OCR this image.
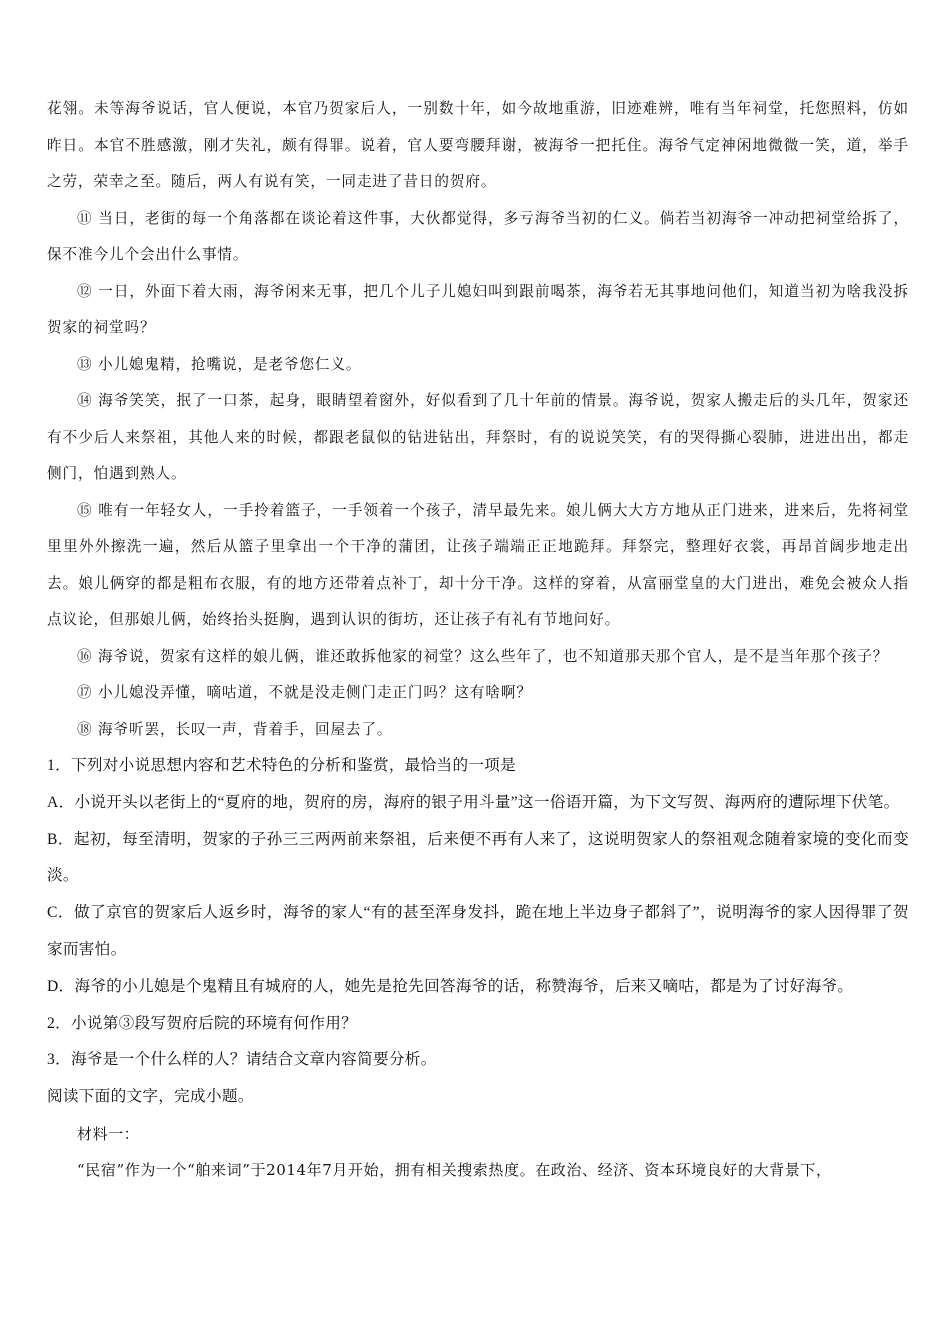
花翎。未等海爷说话，官人便说，本官乃贺家后人，一别数十年，如今故地重游，旧迹难辨，唯有当年祠堂，托您照料，仿如昨日。本官不胜感激，刚才失礼，颇有得罪。说着，官人要弯腰拜谢，被海爷一把托住。海爷气定神闲地微微一笑，道，举手之劳，荣幸之至。随后，两人有说有笑，一同走进了昔日的贺府。

⑪ 当日，老街的每一个角落都在谈论着这件事，大伙都觉得，多亏海爷当初的仁义。倘若当初海爷一冲动把祠堂给拆了，保不准今儿个会出什么事情。

⑫ 一日，外面下着大雨，海爷闲来无事，把几个儿子儿媳妇叫到跟前喝茶，海爷若无其事地问他们，知道当初为啥我没拆贺家的祠堂吗？

⑬ 小儿媳鬼精，抢嘴说，是老爷您仁义。

⑭ 海爷笑笑，抿了一口茶，起身，眼睛望着窗外，好似看到了几十年前的情景。海爷说，贺家人搬走后的头几年，贺家还有不少后人来祭祖，其他人来的时候，都跟老鼠似的钻进钻出，拜祭时，有的说说笑笑，有的哭得撕心裂肺，进进出出，都走侧门，怕遇到熟人。

⑮ 唯有一年轻女人，一手拎着篮子，一手领着一个孩子，清早最先来。娘儿俩大大方方地从正门进来，进来后，先将祠堂里里外外擦洗一遍，然后从篮子里拿出一个干净的蒲团，让孩子端端正正地跪拜。拜祭完，整理好衣裳，再昂首阔步地走出去。娘儿俩穿的都是粗布衣服，有的地方还带着点补丁，却十分干净。这样的穿着，从富丽堂皇的大门进出，难免会被众人指点议论，但那娘儿俩，始终抬头挺胸，遇到认识的街坊，还让孩子有礼有节地问好。

⑯ 海爷说，贺家有这样的娘儿俩，谁还敢拆他家的祠堂？这么些年了，也不知道那天那个官人，是不是当年那个孩子？

⑰ 小儿媳没弄懂，嘀咕道，不就是没走侧门走正门吗？这有啥啊？

⑱ 海爷听罢，长叹一声，背着手，回屋去了。

1．下列对小说思想内容和艺术特色的分析和鉴赏，最恰当的一项是

A．小说开头以老街上的“夏府的地，贺府的房，海府的银子用斗量”这一俗语开篇，为下文写贺、海两府的遭际埋下伏笔。

B．起初，每至清明，贺家的子孙三三两两前来祭祖，后来便不再有人来了，这说明贺家人的祭祖观念随着家境的变化而变淡。

C．做了京官的贺家后人返乡时，海爷的家人“有的甚至浑身发抖，跪在地上半边身子都斜了”，说明海爷的家人因得罪了贺家而害怕。

D．海爷的小儿媳是个鬼精且有城府的人，她先是抢先回答海爷的话，称赞海爷，后来又嘀咕，都是为了讨好海爷。

2．小说第③段写贺府后院的环境有何作用？

3．海爷是一个什么样的人？请结合文章内容简要分析。

阅读下面的文字，完成小题。

材料一：

“民宿”作为一个“舶来词”于2014年7月开始，拥有相关搜索热度。在政治、经济、资本环境良好的大背景下，
